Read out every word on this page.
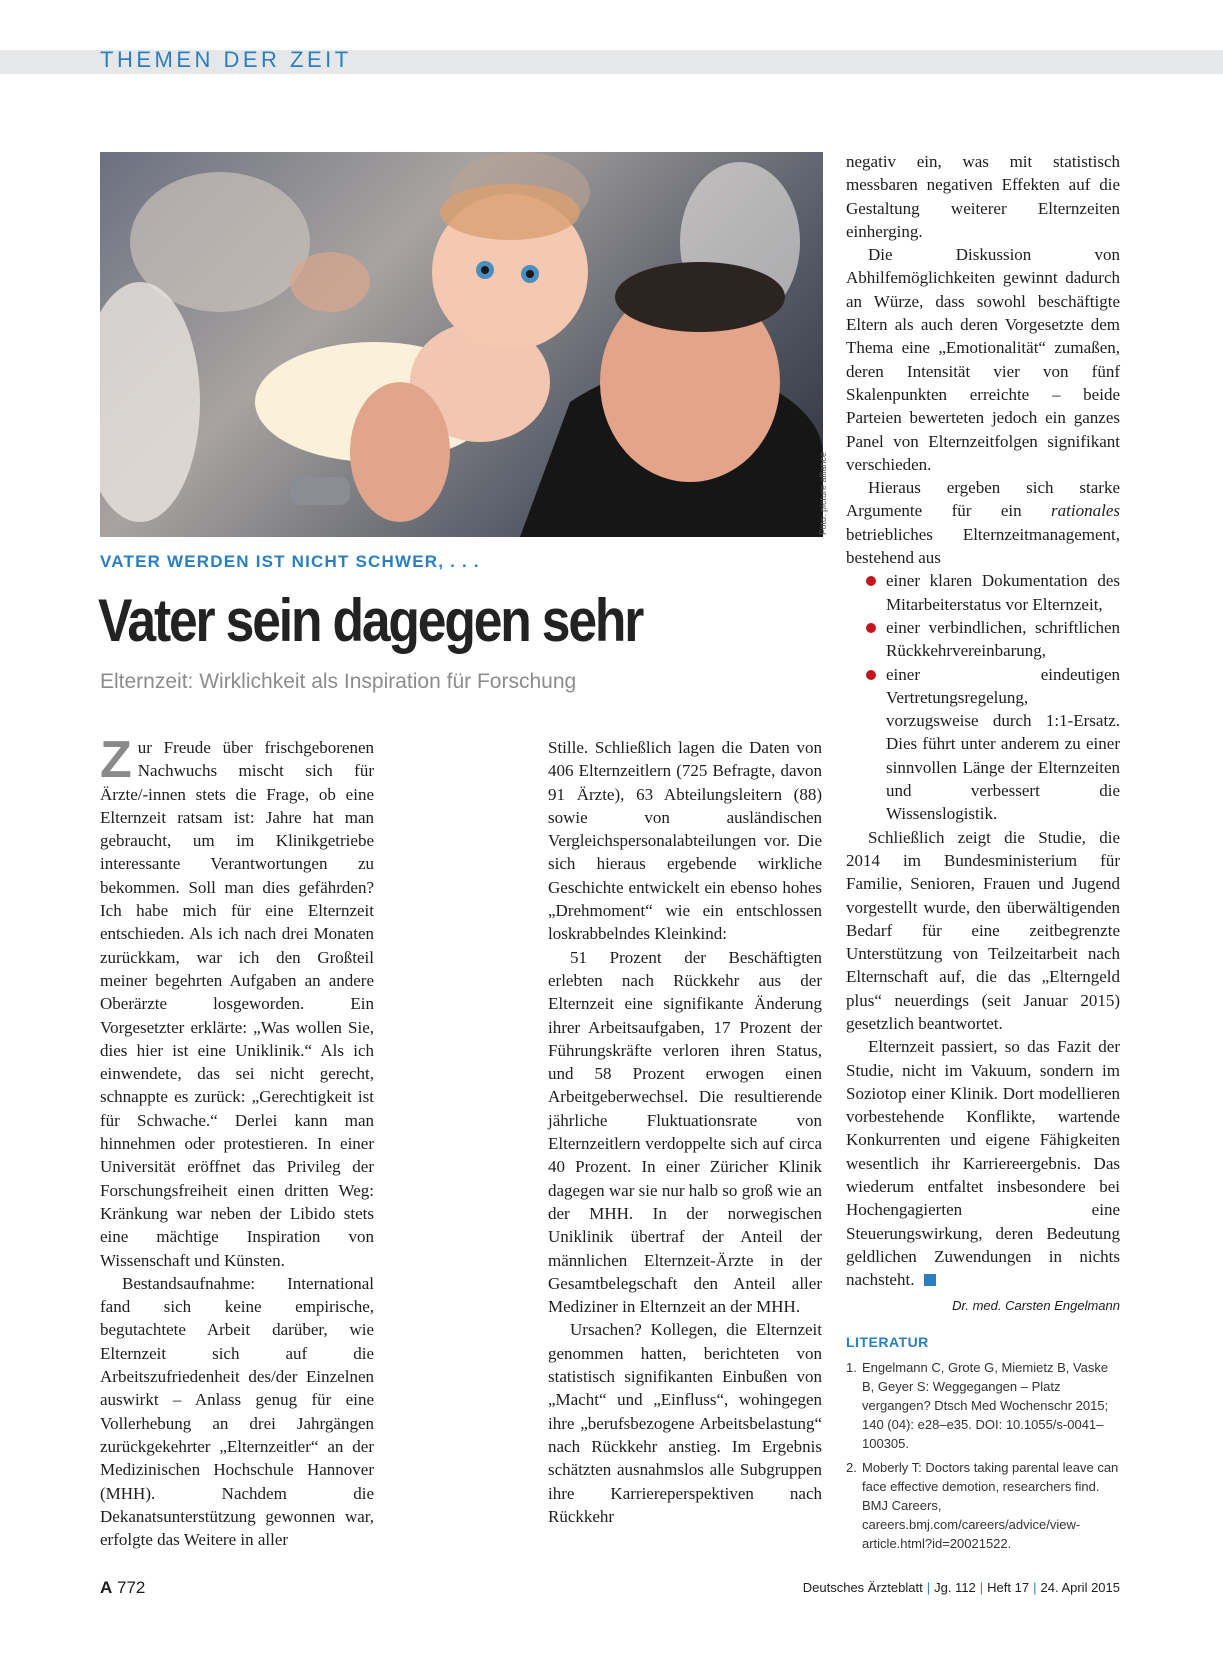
THEMEN DER ZEIT
Foto: picture alliance
VATER WERDEN IST NICHT SCHWER, . . .
Vater sein dagegen sehr
Elternzeit: Wirklichkeit als Inspiration für Forschung

Zur Freude über frischgeborenen Nachwuchs mischt sich für Ärzte/-innen stets die Frage, ob eine Elternzeit ratsam ist: Jahre hat man gebraucht, um im Klinikgetriebe interessante Verantwortungen zu bekommen. Soll man dies gefährden? Ich habe mich für eine Elternzeit entschieden. Als ich nach drei Monaten zurückkam, war ich den Großteil meiner begehrten Aufgaben an andere Oberärzte losgeworden. Ein Vorgesetzter erklärte: „Was wollen Sie, dies hier ist eine Uniklinik.“ Als ich einwendete, das sei nicht gerecht, schnappte es zurück: „Gerechtigkeit ist für Schwache.“ Derlei kann man hinnehmen oder protestieren. In einer Universität eröffnet das Privileg der Forschungsfreiheit einen dritten Weg: Kränkung war neben der Libido stets eine mächtige Inspiration von Wissenschaft und Künsten.

Bestandsaufnahme: International fand sich keine empirische, begutachtete Arbeit darüber, wie Elternzeit sich auf die Arbeitszufriedenheit des/der Einzelnen auswirkt – Anlass genug für eine Vollerhebung an drei Jahrgängen zurückgekehrter „Elternzeitler“ an der Medizinischen Hochschule Hannover (MHH). Nachdem die Dekanatsunterstützung gewonnen war, erfolgte das Weitere in aller

Stille. Schließlich lagen die Daten von 406 Elternzeitlern (725 Befragte, davon 91 Ärzte), 63 Abteilungsleitern (88) sowie von ausländischen Vergleichspersonalabteilungen vor. Die sich hieraus ergebende wirkliche Geschichte entwickelt ein ebenso hohes „Drehmoment“ wie ein entschlossen loskrabbelndes Kleinkind:

51 Prozent der Beschäftigten erlebten nach Rückkehr aus der Elternzeit eine signifikante Änderung ihrer Arbeitsaufgaben, 17 Prozent der Führungskräfte verloren ihren Status, und 58 Prozent erwogen einen Arbeitgeberwechsel. Die resultierende jährliche Fluktuationsrate von Elternzeitlern verdoppelte sich auf circa 40 Prozent. In einer Züricher Klinik dagegen war sie nur halb so groß wie an der MHH. In der norwegischen Uniklinik übertraf der Anteil der männlichen Elternzeit-Ärzte in der Gesamtbelegschaft den Anteil aller Mediziner in Elternzeit an der MHH.

Ursachen? Kollegen, die Elternzeit genommen hatten, berichteten von statistisch signifikanten Einbußen von „Macht“ und „Einfluss“, wohingegen ihre „berufsbezogene Arbeitsbelastung“ nach Rückkehr anstieg. Im Ergebnis schätzten ausnahmslos alle Subgruppen ihre Karriereperspektiven nach Rückkehr

negativ ein, was mit statistisch messbaren negativen Effekten auf die Gestaltung weiterer Elternzeiten einherging.

Die Diskussion von Abhilfemöglichkeiten gewinnt dadurch an Würze, dass sowohl beschäftigte Eltern als auch deren Vorgesetzte dem Thema eine „Emotionalität“ zumaßen, deren Intensität vier von fünf Skalenpunkten erreichte – beide Parteien bewerteten jedoch ein ganzes Panel von Elternzeitfolgen signifikant verschieden.

Hieraus ergeben sich starke Argumente für ein rationales betriebliches Elternzeitmanagement, bestehend aus

einer klaren Dokumentation des Mitarbeiterstatus vor Elternzeit,
einer verbindlichen, schriftlichen Rückkehrvereinbarung,
einer eindeutigen Vertretungsregelung, vorzugsweise durch 1:1-Ersatz. Dies führt unter anderem zu einer sinnvollen Länge der Elternzeiten und verbessert die Wissenslogistik.

Schließlich zeigt die Studie, die 2014 im Bundesministerium für Familie, Senioren, Frauen und Jugend vorgestellt wurde, den überwältigenden Bedarf für eine zeitbegrenzte Unterstützung von Teilzeitarbeit nach Elternschaft auf, die das „Elterngeld plus“ neuerdings (seit Januar 2015) gesetzlich beantwortet.

Elternzeit passiert, so das Fazit der Studie, nicht im Vakuum, sondern im Soziotop einer Klinik. Dort modellieren vorbestehende Konflikte, wartende Konkurrenten und eigene Fähigkeiten wesentlich ihr Karriereergebnis. Das wiederum entfaltet insbesondere bei Hochengagierten eine Steuerungswirkung, deren Bedeutung geldlichen Zuwendungen in nichts nachsteht.

Dr. med. Carsten Engelmann
LITERATUR
1. Engelmann C, Grote G, Miemietz B, Vaske B, Geyer S: Weggegangen – Platz vergangen? Dtsch Med Wochenschr 2015; 140 (04): e28–e35. DOI: 10.1055/s-0041–100305.
2. Moberly T: Doctors taking parental leave can face effective demotion, researchers find. BMJ Careers, careers.bmj.com/careers/advice/view-article.html?id=20021522.
A 772	Deutsches Ärzteblatt | Jg. 112 | Heft 17 | 24. April 2015
